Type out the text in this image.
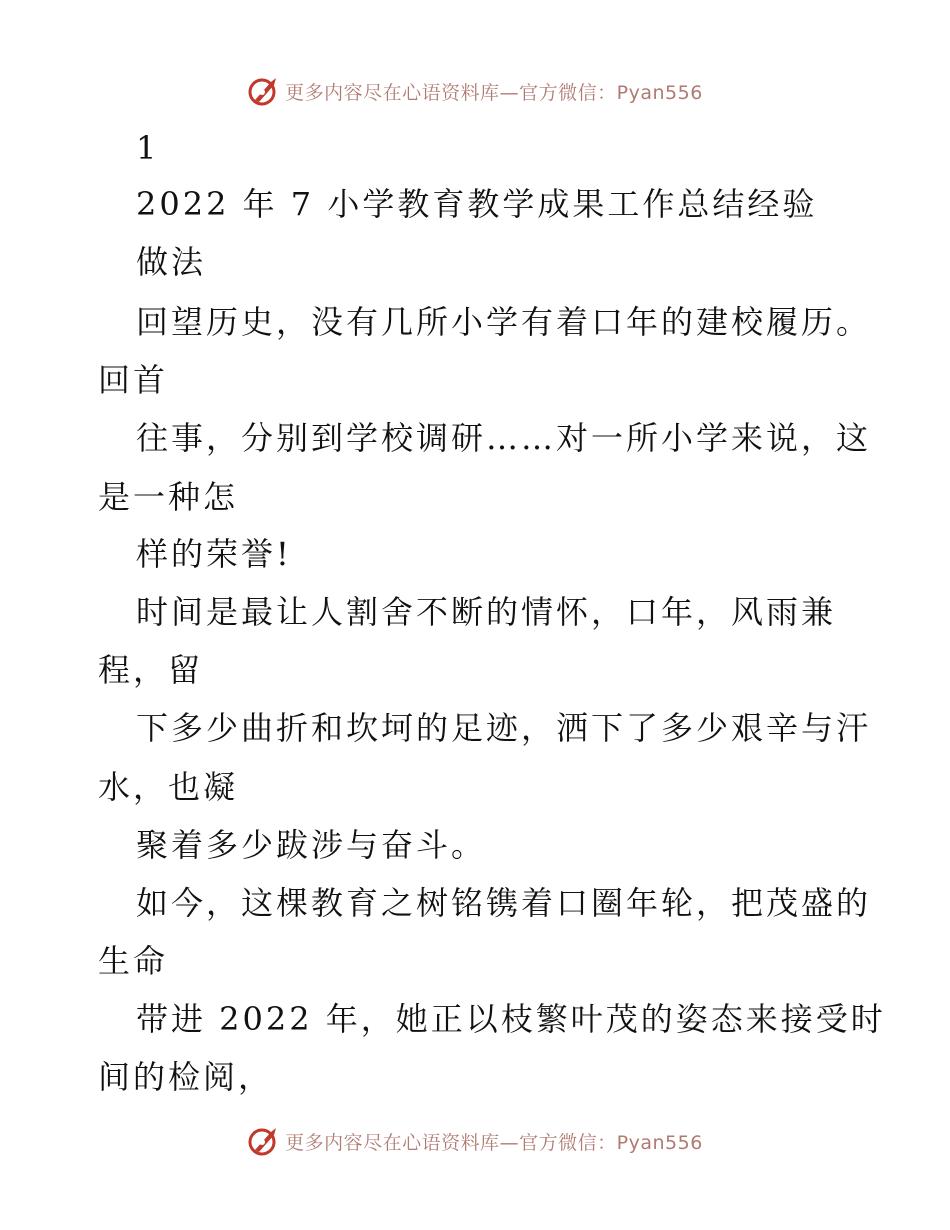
更多内容尽在心语资料库—官方微信：Pyan556
1
2022 年 7 小学教育教学成果工作总结经验
做法
回望历史，没有几所小学有着口年的建校履历。
回首
往事，分别到学校调研……对一所小学来说，这
是一种怎
样的荣誉!
时间是最让人割舍不断的情怀，口年，风雨兼
程，留
下多少曲折和坎坷的足迹，洒下了多少艰辛与汗
水，也凝
聚着多少跋涉与奋斗。
如今，这棵教育之树铭镌着口圈年轮，把茂盛的
生命
带进 2022 年，她正以枝繁叶茂的姿态来接受时
间的检阅，
更多内容尽在心语资料库—官方微信：Pyan556
